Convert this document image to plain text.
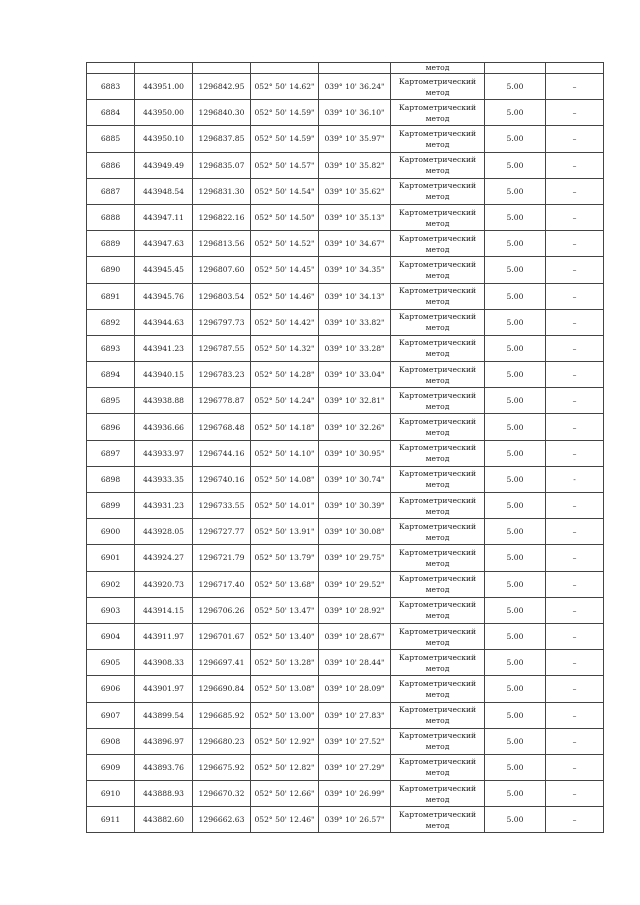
					метод		
6883	443951.00	1296842.95	052° 50' 14.62"	039° 10' 36.24"	Картометрический
метод	5.00	–
6884	443950.00	1296840.30	052° 50' 14.59"	039° 10' 36.10"	Картометрический
метод	5.00	–
6885	443950.10	1296837.85	052° 50' 14.59"	039° 10' 35.97"	Картометрический
метод	5.00	–
6886	443949.49	1296835.07	052° 50' 14.57"	039° 10' 35.82"	Картометрический
метод	5.00	–
6887	443948.54	1296831.30	052° 50' 14.54"	039° 10' 35.62"	Картометрический
метод	5.00	–
6888	443947.11	1296822.16	052° 50' 14.50"	039° 10' 35.13"	Картометрический
метод	5.00	–
6889	443947.63	1296813.56	052° 50' 14.52"	039° 10' 34.67"	Картометрический
метод	5.00	–
6890	443945.45	1296807.60	052° 50' 14.45"	039° 10' 34.35"	Картометрический
метод	5.00	–
6891	443945.76	1296803.54	052° 50' 14.46"	039° 10' 34.13"	Картометрический
метод	5.00	–
6892	443944.63	1296797.73	052° 50' 14.42"	039° 10' 33.82"	Картометрический
метод	5.00	–
6893	443941.23	1296787.55	052° 50' 14.32"	039° 10' 33.28"	Картометрический
метод	5.00	–
6894	443940.15	1296783.23	052° 50' 14.28"	039° 10' 33.04"	Картометрический
метод	5.00	–
6895	443938.88	1296778.87	052° 50' 14.24"	039° 10' 32.81"	Картометрический
метод	5.00	–
6896	443936.66	1296768.48	052° 50' 14.18"	039° 10' 32.26"	Картометрический
метод	5.00	–
6897	443933.97	1296744.16	052° 50' 14.10"	039° 10' 30.95"	Картометрический
метод	5.00	–
6898	443933.35	1296740.16	052° 50' 14.08"	039° 10' 30.74"	Картометрический
метод	5.00	-
6899	443931.23	1296733.55	052° 50' 14.01"	039° 10' 30.39"	Картометрический
метод	5.00	–
6900	443928.05	1296727.77	052° 50' 13.91"	039° 10' 30.08"	Картометрический
метод	5.00	–
6901	443924.27	1296721.79	052° 50' 13.79"	039° 10' 29.75"	Картометрический
метод	5.00	–
6902	443920.73	1296717.40	052° 50' 13.68"	039° 10' 29.52"	Картометрический
метод	5.00	–
6903	443914.15	1296706.26	052° 50' 13.47"	039° 10' 28.92"	Картометрический
метод	5.00	–
6904	443911.97	1296701.67	052° 50' 13.40"	039° 10' 28.67"	Картометрический
метод	5.00	–
6905	443908.33	1296697.41	052° 50' 13.28"	039° 10' 28.44"	Картометрический
метод	5.00	–
6906	443901.97	1296690.84	052° 50' 13.08"	039° 10' 28.09"	Картометрический
метод	5.00	–
6907	443899.54	1296685.92	052° 50' 13.00"	039° 10' 27.83"	Картометрический
метод	5.00	–
6908	443896.97	1296680.23	052° 50' 12.92"	039° 10' 27.52"	Картометрический
метод	5.00	–
6909	443893.76	1296675.92	052° 50' 12.82"	039° 10' 27.29"	Картометрический
метод	5.00	–
6910	443888.93	1296670.32	052° 50' 12.66"	039° 10' 26.99"	Картометрический
метод	5.00	–
6911	443882.60	1296662.63	052° 50' 12.46"	039° 10' 26.57"	Картометрический
метод	5.00	–
